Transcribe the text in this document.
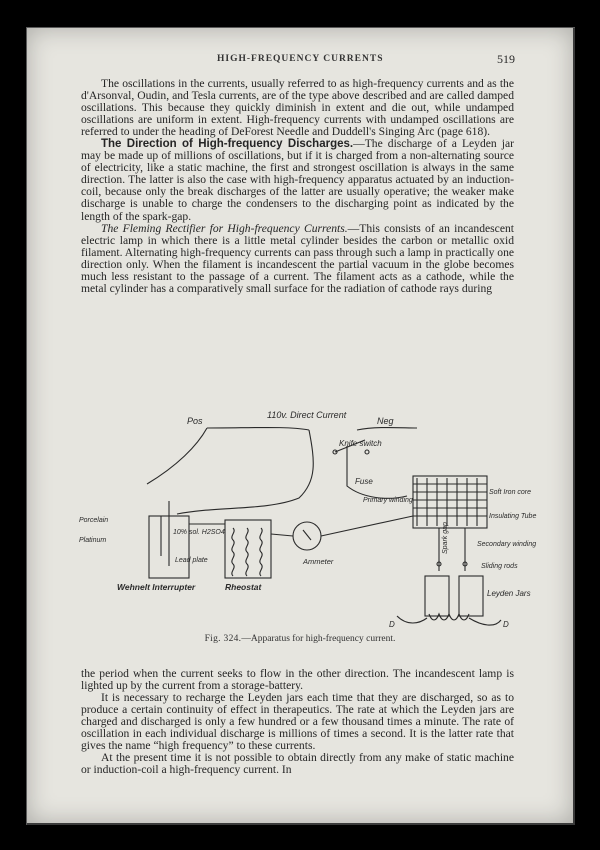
HIGH-FREQUENCY CURRENTS	519

The oscillations in the currents, usually referred to as high-frequency currents and as the d'Arsonval, Oudin, and Tesla currents, are of the type above described and are called damped oscillations. This because they quickly diminish in extent and die out, while undamped oscillations are uniform in extent. High-frequency currents with undamped oscillations are referred to under the heading of DeForest Needle and Duddell's Singing Arc (page 618).

The Direction of High-frequency Discharges.—The discharge of a Leyden jar may be made up of millions of oscillations, but if it is charged from a non-alternating source of electricity, like a static machine, the first and strongest oscillation is always in the same direction. The latter is also the case with high-frequency apparatus actuated by an induction-coil, because only the break discharges of the latter are usually operative; the weaker make discharge is unable to charge the condensers to the discharging point as indicated by the length of the spark-gap.

The Fleming Rectifier for High-frequency Currents.—This consists of an incandescent electric lamp in which there is a little metal cylinder besides the carbon or metallic oxid filament. Alternating high-frequency currents can pass through such a lamp in practically one direction only. When the filament is incandescent the partial vacuum in the globe becomes much less resistant to the passage of a current. The filament acts as a cathode, while the metal cylinder has a comparatively small surface for the radiation of cathode rays during

110v. Direct Current
Pos	Neg
Knife switch
Fuse
Primary winding
Soft Iron core
Insulating Tube
Secondary winding
Sliding rods
Spark gap
Leyden Jars
Porcelain
Platinum
10% sol. H2SO4
Lead plate
Wehnelt Interrupter	Rheostat
Ammeter
D	D
Fig. 324.—Apparatus for high-frequency current.

the period when the current seeks to flow in the other direction. The incandescent lamp is lighted up by the current from a storage-battery.

It is necessary to recharge the Leyden jars each time that they are discharged, so as to produce a certain continuity of effect in therapeutics. The rate at which the Leyden jars are charged and discharged is only a few hundred or a few thousand times a minute. The rate of oscillation in each individual discharge is millions of times a second. It is the latter rate that gives the name “high frequency” to these currents.

At the present time it is not possible to obtain directly from any make of static machine or induction-coil a high-frequency current. In
